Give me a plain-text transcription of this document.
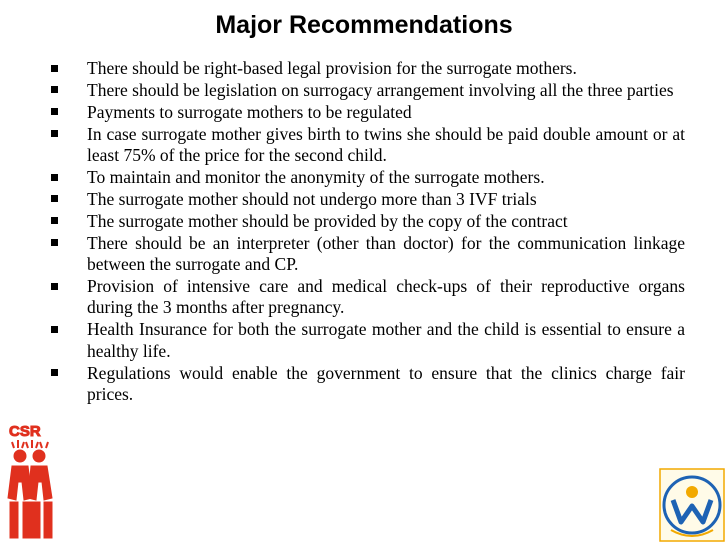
Major Recommendations
There should be right-based legal provision for the surrogate mothers.
There should be legislation on surrogacy arrangement involving all the three parties
Payments to surrogate mothers to be regulated
In case surrogate mother gives birth to twins she should be paid double amount or at least 75% of the price for the second child.
To maintain and monitor the anonymity of the surrogate mothers.
The surrogate mother should not undergo more than 3 IVF trials
The surrogate mother should be provided by the copy of the contract
There should be an interpreter (other than doctor) for the communication linkage between the surrogate and CP.
Provision of intensive care and medical check-ups of their reproductive organs during the 3 months after pregnancy.
Health Insurance for both the surrogate mother and the child is essential to ensure a healthy life.
Regulations would enable the government to ensure that the clinics charge fair prices.
CSR
